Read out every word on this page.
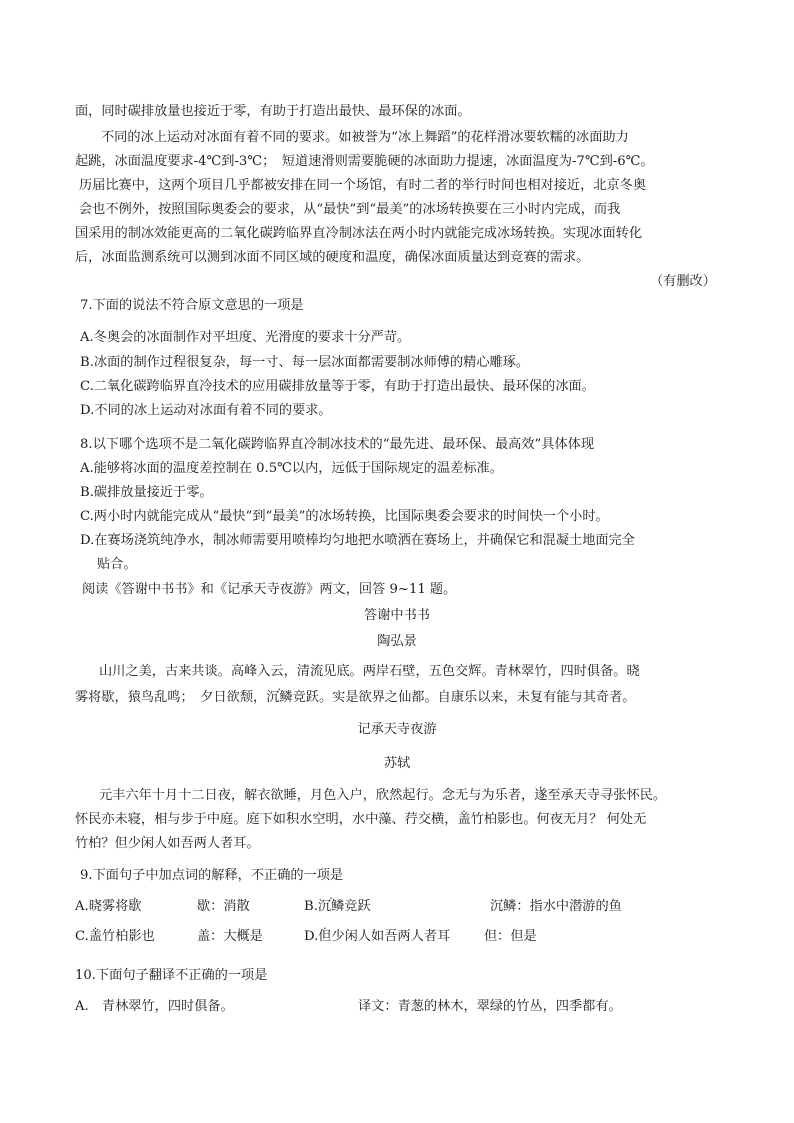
面，同时碳排放量也接近于零，有助于打造出最快、最环保的冰面。
不同的冰上运动对冰面有着不同的要求。如被誉为“冰上舞蹈”的花样滑冰要软糯的冰面助力
起跳，冰面温度要求-4℃到-3℃；　短道速滑则需要脆硬的冰面助力提速，冰面温度为-7℃到-6℃。
历届比赛中，这两个项目几乎都被安排在同一个场馆，有时二者的举行时间也相对接近，北京冬奥
会也不例外，按照国际奥委会的要求，从“最快”到“最美”的冰场转换要在三小时内完成，而我
国采用的制冰效能更高的二氧化碳跨临界直冷制冰法在两小时内就能完成冰场转换。实现冰面转化
后，冰面监测系统可以测到冰面不同区域的硬度和温度，确保冰面质量达到竞赛的需求。
（有删改）
7.下面的说法不符合原文意思的一项是
A.冬奥会的冰面制作对平坦度、光滑度的要求十分严苛。
B.冰面的制作过程很复杂，每一寸、每一层冰面都需要制冰师傅的精心雕琢。
C.二氧化碳跨临界直冷技术的应用碳排放量等于零，有助于打造出最快、最环保的冰面。
D.不同的冰上运动对冰面有着不同的要求。
8.以下哪个选项不是二氧化碳跨临界直冷制冰技术的“最先进、最环保、最高效”具体体现
A.能够将冰面的温度差控制在 0.5℃以内，远低于国际规定的温差标准。
B.碳排放量接近于零。
C.两小时内就能完成从“最快”到“最美”的冰场转换，比国际奥委会要求的时间快一个小时。
D.在赛场浇筑纯净水，制冰师需要用喷棒均匀地把水喷洒在赛场上，并确保它和混凝土地面完全
贴合。
阅读《答谢中书书》和《记承天寺夜游》两文，回答 9~11 题。
答谢中书书
陶弘景
山川之美，古来共谈。高峰入云，清流见底。两岸石壁，五色交辉。青林翠竹，四时俱备。晓
雾将歇，猿鸟乱鸣；　夕日欲颓，沉鳞竞跃。实是欲界之仙都。自康乐以来，未复有能与其奇者。
记承天寺夜游
苏轼
元丰六年十月十二日夜，解衣欲睡，月色入户，欣然起行。念无与为乐者，遂至承天寺寻张怀民。
怀民亦未寝，相与步于中庭。庭下如积水空明，水中藻、荇交横，盖竹柏影也。何夜无月？ 何处无
竹柏？但少闲人如吾两人者耳。
9.下面句子中加点词的解释，不正确的一项是
A.晓雾将歇	歇：消散	B.沉鳞竞跃	沉鳞：指水中潜游的鱼
C.盖竹柏影也	盖：大概是	D.但少闲人如吾两人者耳	但：但是
10.下面句子翻译不正确的一项是
A.　青林翠竹，四时俱备。	译文：青葱的林木，翠绿的竹丛，四季都有。
